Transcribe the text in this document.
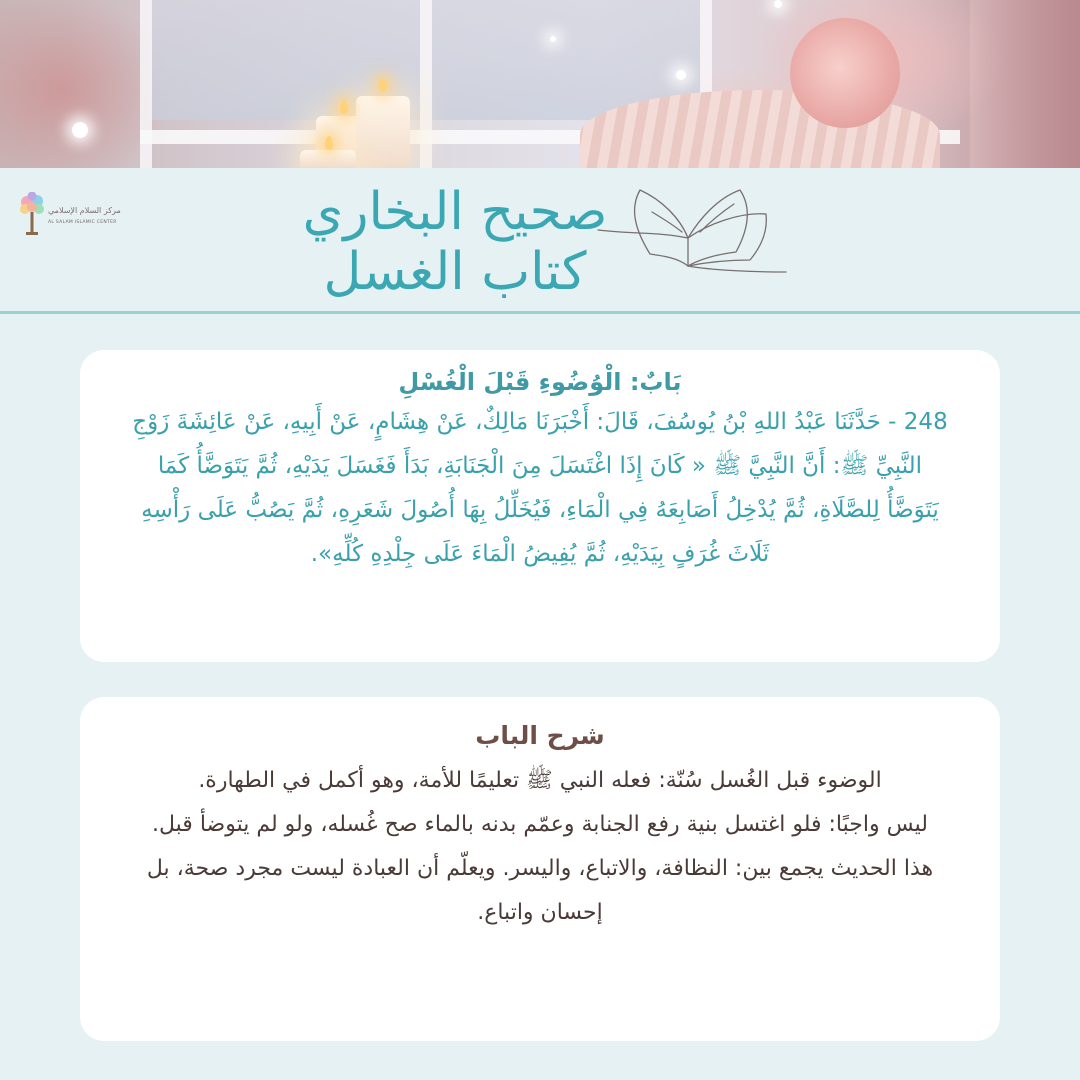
مركز السلام الإسلامي
AL SALAM ISLAMIC CENTER	صحيح البخاري
كتاب الغسل
بَابٌ: الْوُضُوءِ قَبْلَ الْغُسْلِ
248 - حَدَّثَنَا عَبْدُ اللهِ بْنُ يُوسُفَ، قَالَ: أَخْبَرَنَا مَالِكٌ، عَنْ هِشَامٍ، عَنْ أَبِيهِ، عَنْ عَائِشَةَ زَوْجِ النَّبِيِّ ﷺ: أَنَّ النَّبِيَّ ﷺ « كَانَ إِذَا اغْتَسَلَ مِنَ الْجَنَابَةِ، بَدَأَ فَغَسَلَ يَدَيْهِ، ثُمَّ يَتَوَضَّأُ كَمَا يَتَوَضَّأُ لِلصَّلَاةِ، ثُمَّ يُدْخِلُ أَصَابِعَهُ فِي الْمَاءِ، فَيُخَلِّلُ بِهَا أُصُولَ شَعَرِهِ، ثُمَّ يَصُبُّ عَلَى رَأْسِهِ ثَلَاثَ غُرَفٍ بِيَدَيْهِ، ثُمَّ يُفِيضُ الْمَاءَ عَلَى جِلْدِهِ كُلِّهِ».
شرح الباب
الوضوء قبل الغُسل سُنّة: فعله النبي ﷺ تعليمًا للأمة، وهو أكمل في الطهارة.
ليس واجبًا: فلو اغتسل بنية رفع الجنابة وعمّم بدنه بالماء صح غُسله، ولو لم يتوضأ قبل.
هذا الحديث يجمع بين: النظافة، والاتباع، واليسر. ويعلّم أن العبادة ليست مجرد صحة، بل إحسان واتباع.
